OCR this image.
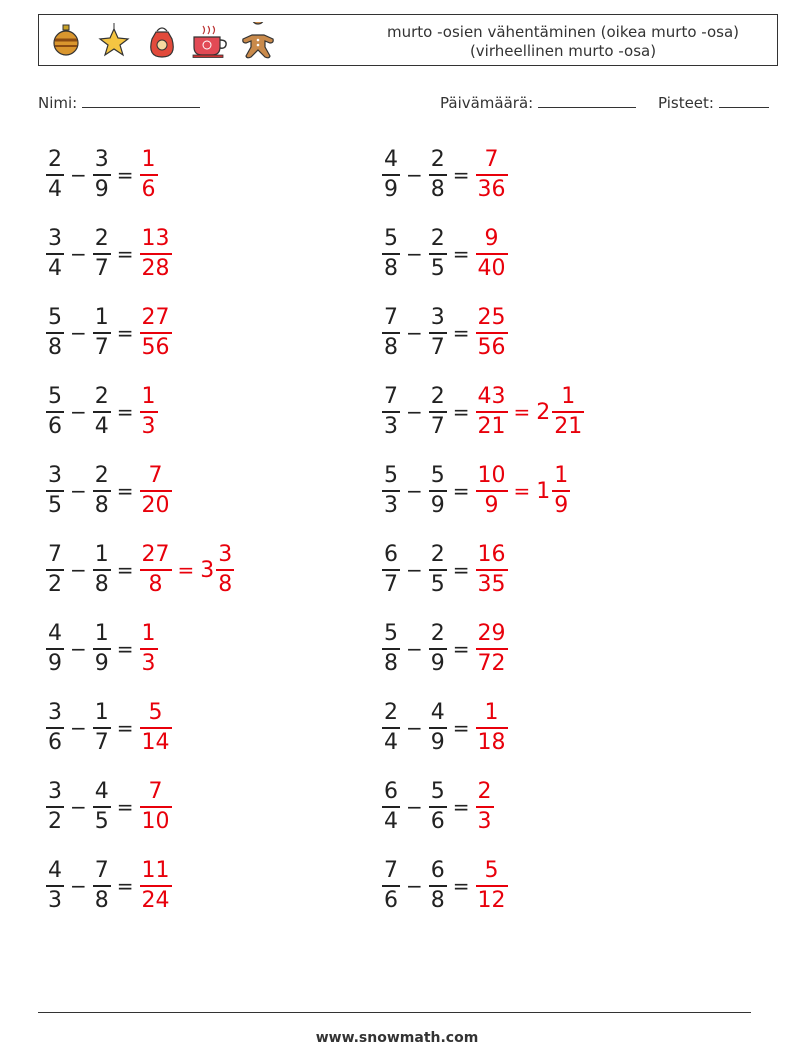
murto -osien vähentäminen (oikea murto -osa) (virheellinen murto -osa)
Nimi:	Päivämäärä:	Pisteet:
$\frac{2}{4} - \frac{3}{9} = \frac{1}{6}$	$\frac{4}{9} - \frac{2}{8} = \frac{7}{36}$
$\frac{3}{4} - \frac{2}{7} = \frac{13}{28}$	$\frac{5}{8} - \frac{2}{5} = \frac{9}{40}$
$\frac{5}{8} - \frac{1}{7} = \frac{27}{56}$	$\frac{7}{8} - \frac{3}{7} = \frac{25}{56}$
$\frac{5}{6} - \frac{2}{4} = \frac{1}{3}$	$\frac{7}{3} - \frac{2}{7} = \frac{43}{21} = 2 \frac{1}{21}$
$\frac{3}{5} - \frac{2}{8} = \frac{7}{20}$	$\frac{5}{3} - \frac{5}{9} = \frac{10}{9} = 1 \frac{1}{9}$
$\frac{7}{2} - \frac{1}{8} = \frac{27}{8} = 3 \frac{3}{8}$	$\frac{6}{7} - \frac{2}{5} = \frac{16}{35}$
$\frac{4}{9} - \frac{1}{9} = \frac{1}{3}$	$\frac{5}{8} - \frac{2}{9} = \frac{29}{72}$
$\frac{3}{6} - \frac{1}{7} = \frac{5}{14}$	$\frac{2}{4} - \frac{4}{9} = \frac{1}{18}$
$\frac{3}{2} - \frac{4}{5} = \frac{7}{10}$	$\frac{6}{4} - \frac{5}{6} = \frac{2}{3}$
$\frac{4}{3} - \frac{7}{8} = \frac{11}{24}$	$\frac{7}{6} - \frac{6}{8} = \frac{5}{12}$
www.snowmath.com
